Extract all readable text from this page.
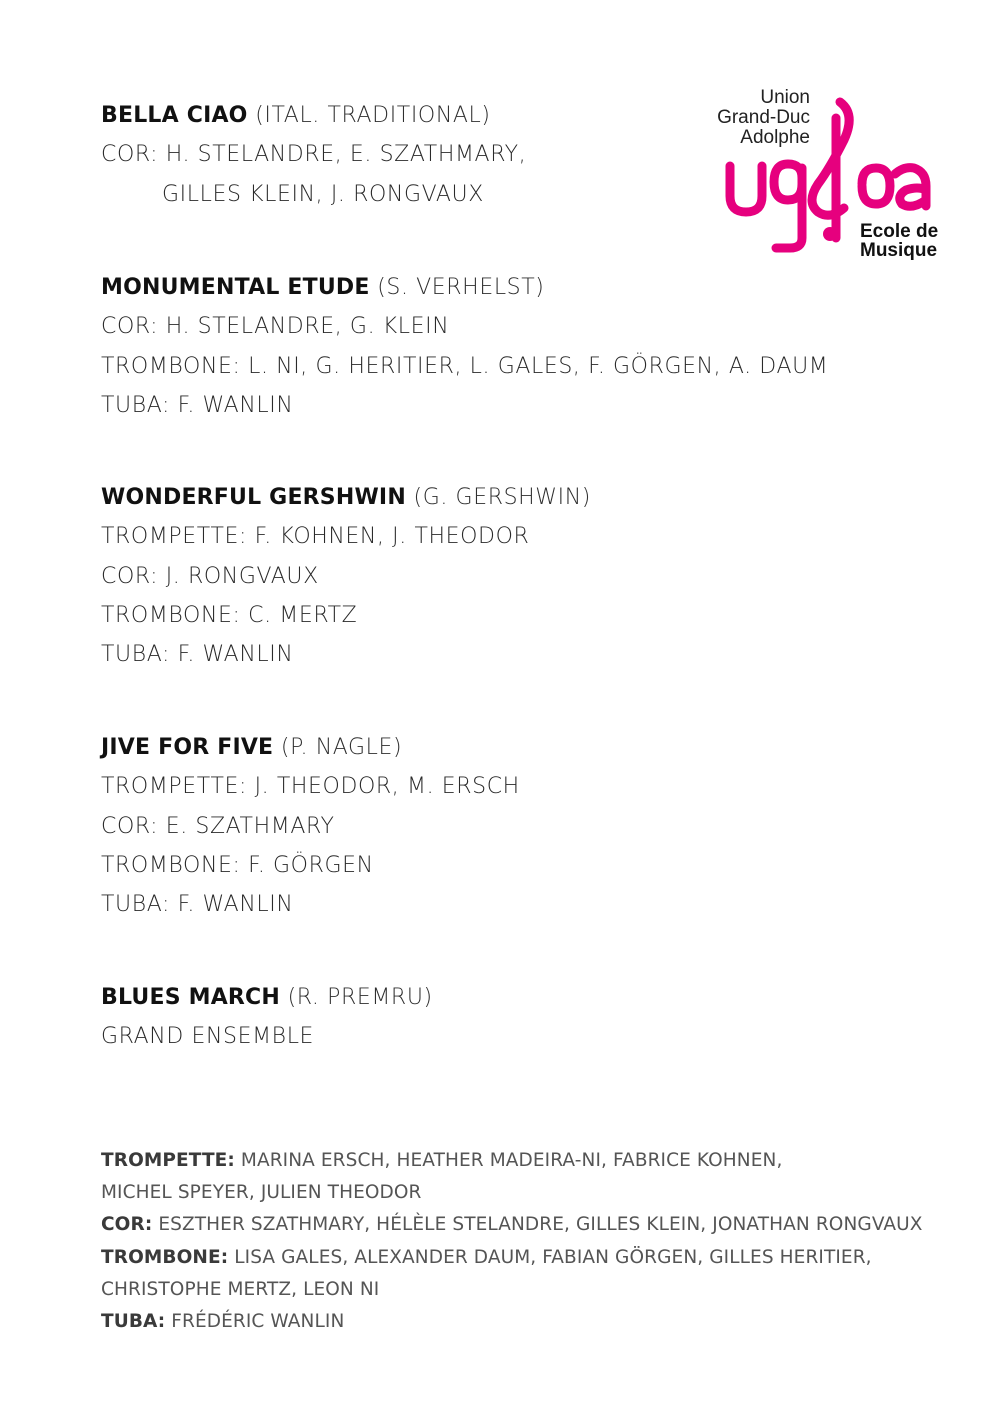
Union
Grand-Duc
Adolphe
Ecole de
Musique
BELLA CIAO (ITAL. TRADITIONAL)
COR: H. STELANDRE, E. SZATHMARY,
GILLES KLEIN, J. RONGVAUX
MONUMENTAL ETUDE (S. VERHELST)
COR: H. STELANDRE, G. KLEIN
TROMBONE: L. NI, G. HERITIER, L. GALES, F. GÖRGEN, A. DAUM
TUBA: F. WANLIN
WONDERFUL GERSHWIN (G. GERSHWIN)
TROMPETTE: F. KOHNEN, J. THEODOR
COR: J. RONGVAUX
TROMBONE: C. MERTZ
TUBA: F. WANLIN
JIVE FOR FIVE (P. NAGLE)
TROMPETTE: J. THEODOR, M. ERSCH
COR: E. SZATHMARY
TROMBONE: F. GÖRGEN
TUBA: F. WANLIN
BLUES MARCH (R. PREMRU)
GRAND ENSEMBLE
TROMPETTE: MARINA ERSCH, HEATHER MADEIRA-NI, FABRICE KOHNEN,
MICHEL SPEYER, JULIEN THEODOR
COR: ESZTHER SZATHMARY, HÉLÈLE STELANDRE, GILLES KLEIN, JONATHAN RONGVAUX
TROMBONE: LISA GALES, ALEXANDER DAUM, FABIAN GÖRGEN, GILLES HERITIER,
CHRISTOPHE MERTZ, LEON NI
TUBA: FRÉDÉRIC WANLIN
